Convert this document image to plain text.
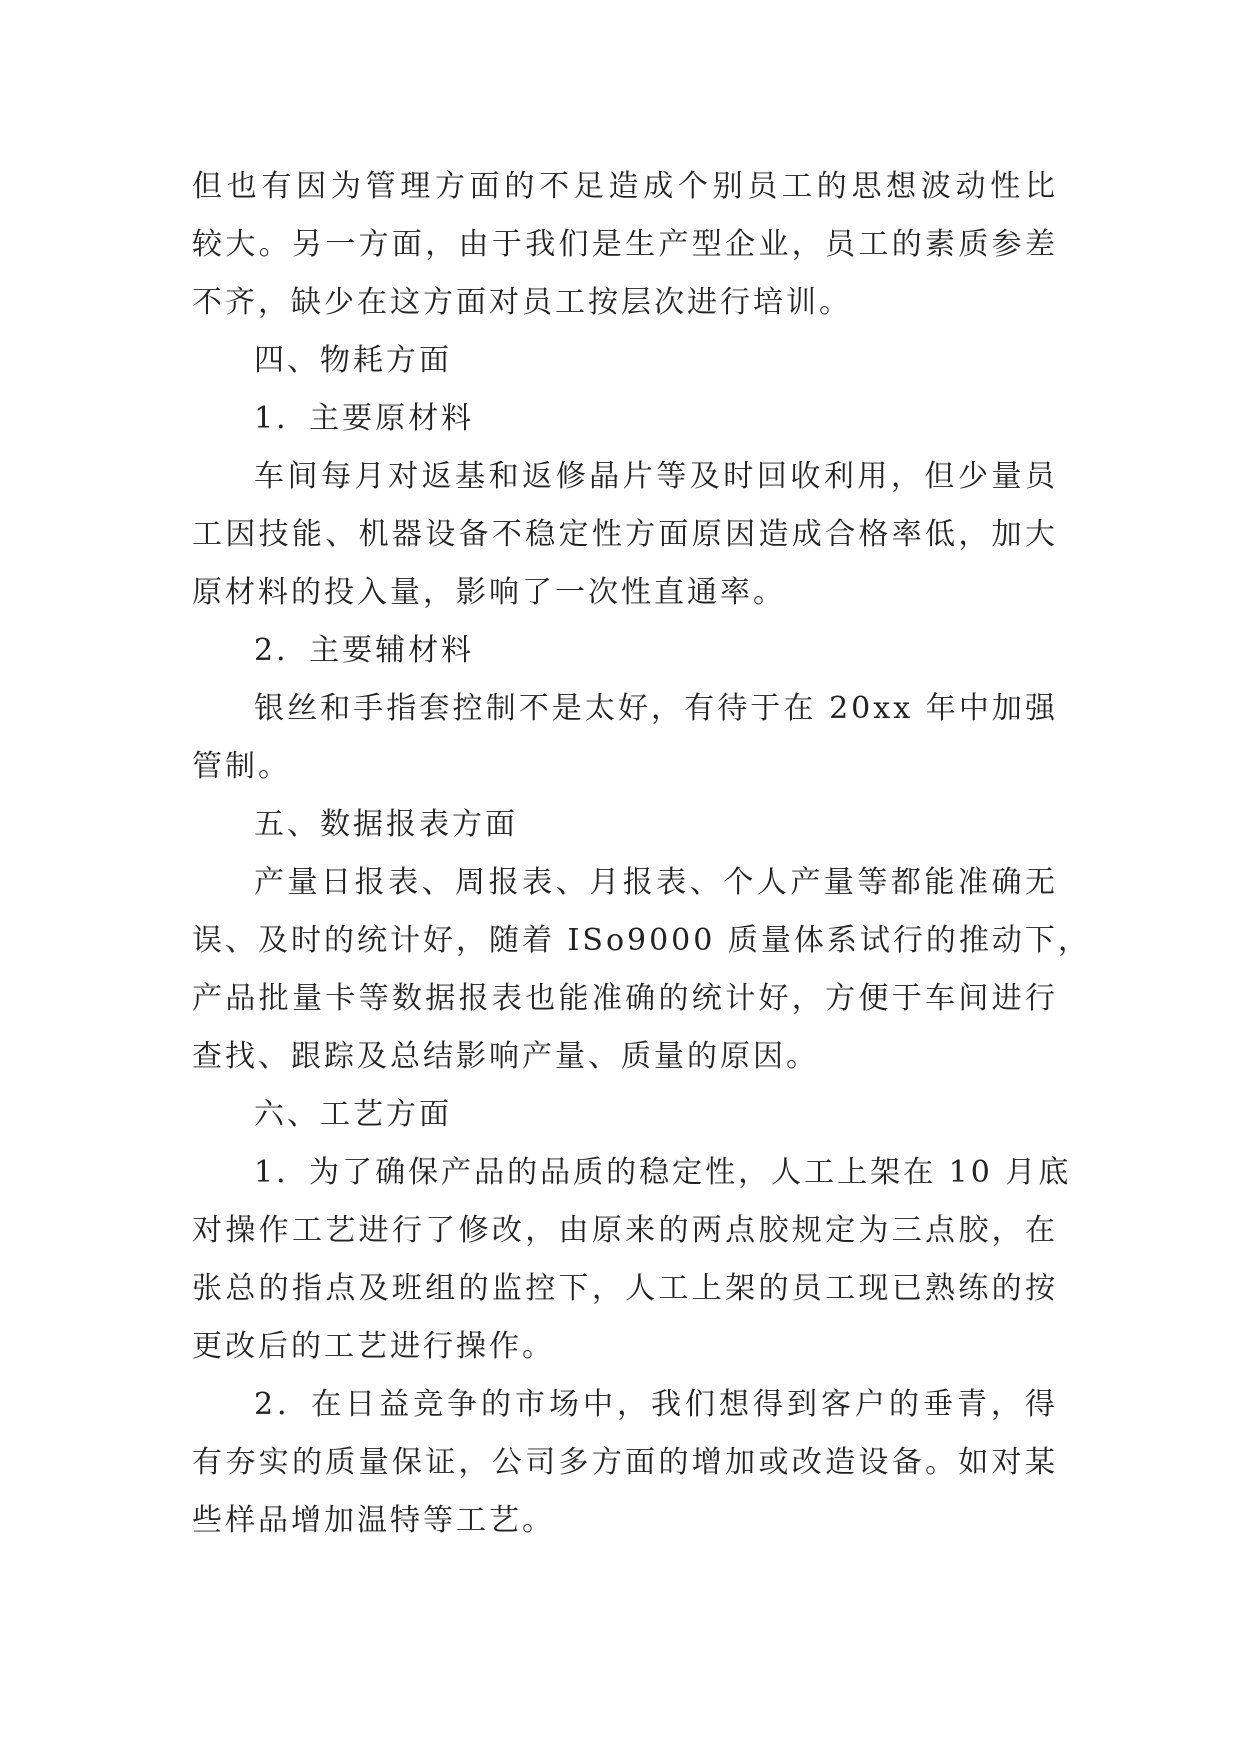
但也有因为管理方面的不足造成个别员工的思想波动性比
较大。另一方面，由于我们是生产型企业，员工的素质参差
不齐，缺少在这方面对员工按层次进行培训。

四、物耗方面

1．主要原材料

车间每月对返基和返修晶片等及时回收利用，但少量员
工因技能、机器设备不稳定性方面原因造成合格率低，加大
原材料的投入量，影响了一次性直通率。

2．主要辅材料

银丝和手指套控制不是太好，有待于在 20xx 年中加强
管制。

五、数据报表方面

产量日报表、周报表、月报表、个人产量等都能准确无
误、及时的统计好，随着 ISo9000 质量体系试行的推动下，
产品批量卡等数据报表也能准确的统计好，方便于车间进行
查找、跟踪及总结影响产量、质量的原因。

六、工艺方面

1．为了确保产品的品质的稳定性，人工上架在 10 月底
对操作工艺进行了修改，由原来的两点胶规定为三点胶，在
张总的指点及班组的监控下，人工上架的员工现已熟练的按
更改后的工艺进行操作。

2．在日益竞争的市场中，我们想得到客户的垂青，得
有夯实的质量保证，公司多方面的增加或改造设备。如对某
些样品增加温特等工艺。
